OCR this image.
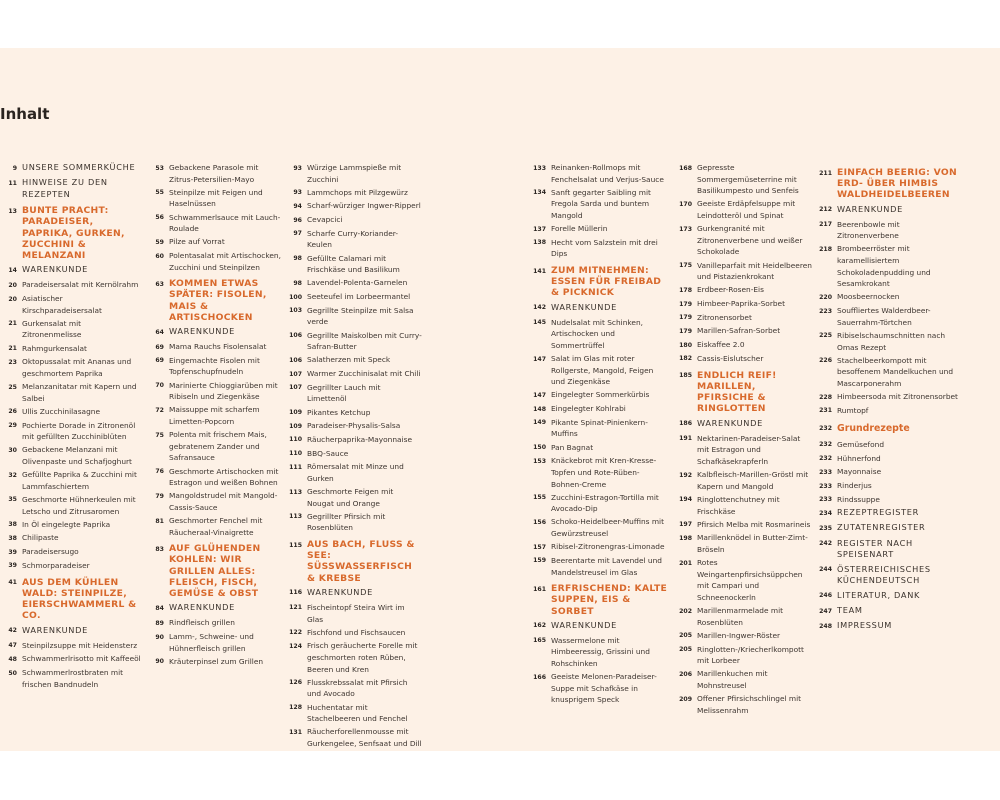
Inhalt
9 UNSERE SOMMERKÜCHE
11 HINWEISE ZU DEN REZEPTEN
13 BUNTE PRACHT: PARADEISER, PAPRIKA, GURKEN, ZUCCHINI & MELANZANI
14 WARENKUNDE
20 Paradeisersalat mit Kernölrahm
20 Asiatischer Kirschparadeisersalat
21 Gurkensalat mit Zitronenmelisse
21 Rahmgurkensalat
23 Oktopussalat mit Ananas und geschmortem Paprika
25 Melanzanitatar mit Kapern und Salbei
26 Ullis Zucchinilasagne
29 Pochierte Dorade in Zitronenöl mit gefüllten Zucchiniblüten
30 Gebackene Melanzani mit Olivenpaste und Schafjoghurt
32 Gefüllte Paprika & Zucchini mit Lammfaschiertem
35 Geschmorte Hühnerkeulen mit Letscho und Zitrusaromen
38 In Öl eingelegte Paprika
38 Chilipaste
39 Paradeisersugo
39 Schmorparadeiser
41 AUS DEM KÜHLEN WALD: STEINPILZE, EIERSCHWAMMERL & CO.
42 WARENKUNDE
47 Steinpilzsuppe mit Heidensterz
48 Schwammerlrisotto mit Kaffeeöl
50 Schwammerlrostbraten mit frischen Bandnudeln
53 Gebackene Parasole mit Zitrus-Petersilien-Mayo
55 Steinpilze mit Feigen und Haselnüssen
56 Schwammerlsauce mit Lauch-Roulade
59 Pilze auf Vorrat
60 Polentasalat mit Artischocken, Zucchini und Steinpilzen
63 KOMMEN ETWAS SPÄTER: FISOLEN, MAIS & ARTISCHOCKEN
64 WARENKUNDE
69 Mama Rauchs Fisolensalat
69 Eingemachte Fisolen mit Topfenschupfnudeln
70 Marinierte Chioggiarüben mit Ribiseln und Ziegenkäse
72 Maissuppe mit scharfem Limetten-Popcorn
75 Polenta mit frischem Mais, gebratenem Zander und Safransauce
76 Geschmorte Artischocken mit Estragon und weißen Bohnen
79 Mangoldstrudel mit Mangold-Cassis-Sauce
81 Geschmorter Fenchel mit Räucheraal-Vinaigrette
83 AUF GLÜHENDEN KOHLEN: WIR GRILLEN ALLES: FLEISCH, FISCH, GEMÜSE & OBST
84 WARENKUNDE
89 Rindfleisch grillen
90 Lamm-, Schweine- und Hühnerfleisch grillen
90 Kräuterpinsel zum Grillen
93 Würzige Lammspieße mit Zucchini
93 Lammchops mit Pilzgewürz
94 Scharf-würziger Ingwer-Ripperl
96 Cevapcici
97 Scharfe Curry-Koriander-Keulen
98 Gefüllte Calamari mit Frischkäse und Basilikum
98 Lavendel-Polenta-Garnelen
100 Seeteufel im Lorbeermantel
103 Gegrillte Steinpilze mit Salsa verde
106 Gegrillte Maiskolben mit Curry-Safran-Butter
106 Salatherzen mit Speck
107 Warmer Zucchinisalat mit Chili
107 Gegrillter Lauch mit Limettenöl
109 Pikantes Ketchup
109 Paradeiser-Physalis-Salsa
110 Räucherpaprika-Mayonnaise
110 BBQ-Sauce
111 Römersalat mit Minze und Gurken
113 Geschmorte Feigen mit Nougat und Orange
113 Gegrillter Pfirsich mit Rosenblüten
115 AUS BACH, FLUSS & SEE: SÜSSWASSERFISCH & KREBSE
116 WARENKUNDE
121 Fischeintopf Steira Wirt im Glas
122 Fischfond und Fischsaucen
124 Frisch geräucherte Forelle mit geschmorten roten Rüben, Beeren und Kren
126 Flusskrebssalat mit Pfirsich und Avocado
128 Huchentatar mit Stachelbeeren und Fenchel
131 Räucherforellenmousse mit Gurkengelee, Senfsaat und Dill
133 Reinanken-Rollmops mit Fenchelsalat und Verjus-Sauce
134 Sanft gegarter Saibling mit Fregola Sarda und buntem Mangold
137 Forelle Müllerin
138 Hecht vom Salzstein mit drei Dips
141 ZUM MITNEHMEN: ESSEN FÜR FREIBAD & PICKNICK
142 WARENKUNDE
145 Nudelsalat mit Schinken, Artischocken und Sommertrüffel
147 Salat im Glas mit roter Rollgerste, Mangold, Feigen und Ziegenkäse
147 Eingelegter Sommerkürbis
148 Eingelegter Kohlrabi
149 Pikante Spinat-Pinienkern-Muffins
150 Pan Bagnat
153 Knäckebrot mit Kren-Kresse-Topfen und Rote-Rüben-Bohnen-Creme
155 Zucchini-Estragon-Tortilla mit Avocado-Dip
156 Schoko-Heidelbeer-Muffins mit Gewürzstreusel
157 Ribisel-Zitronengras-Limonade
159 Beerentarte mit Lavendel und Mandelstreusel im Glas
161 ERFRISCHEND: KALTE SUPPEN, EIS & SORBET
162 WARENKUNDE
165 Wassermelone mit Himbeeressig, Grissini und Rohschinken
166 Geeiste Melonen-Paradeiser-Suppe mit Schafkäse in knusprigem Speck
168 Gepresste Sommergemüseterrine mit Basilikumpesto und Senfeis
170 Geeiste Erdäpfelsuppe mit Leindotteröl und Spinat
173 Gurkengranité mit Zitronenverbene und weißer Schokolade
175 Vanilleparfait mit Heidelbeeren und Pistazienkrokant
178 Erdbeer-Rosen-Eis
179 Himbeer-Paprika-Sorbet
179 Zitronensorbet
179 Marillen-Safran-Sorbet
180 Eiskaffee 2.0
182 Cassis-Eislutscher
185 ENDLICH REIF! MARILLEN, PFIRSICHE & RINGLOTTEN
186 WARENKUNDE
191 Nektarinen-Paradeiser-Salat mit Estragon und Schafkäsekrapferln
192 Kalbfleisch-Marillen-Gröstl mit Kapern und Mangold
194 Ringlottenchutney mit Frischkäse
197 Pfirsich Melba mit Rosmarineis
198 Marillenknödel in Butter-Zimt-Bröseln
201 Rotes Weingartenpfirsichsüppchen mit Campari und Schneenockerln
202 Marillenmarmelade mit Rosenblüten
205 Marillen-Ingwer-Röster
205 Ringlotten-/Kriecherlkompott mit Lorbeer
206 Marillenkuchen mit Mohnstreusel
209 Offener Pfirsichschlingel mit Melissenrahm
211 EINFACH BEERIG: VON ERD- ÜBER HIMBIS WALDHEIDELBEEREN
212 WARENKUNDE
217 Beerenbowle mit Zitronenverbene
218 Brombeerröster mit karamellisiertem Schokoladenpudding und Sesamkrokant
220 Moosbeernocken
223 Souffliertes Walderdbeer-Sauerrahm-Törtchen
225 Ribiselschaumschnitten nach Omas Rezept
226 Stachelbeerkompott mit besoffenem Mandelkuchen und Mascarponerahm
228 Himbeersoda mit Zitronensorbet
231 Rumtopf
232 Grundrezepte
232 Gemüsefond
232 Hühnerfond
233 Mayonnaise
233 Rinderjus
233 Rindssuppe
234 REZEPTREGISTER
235 ZUTATENREGISTER
242 REGISTER NACH SPEISENART
244 ÖSTERREICHISCHES KÜCHENDEUTSCH
246 LITERATUR, DANK
247 TEAM
248 IMPRESSUM
